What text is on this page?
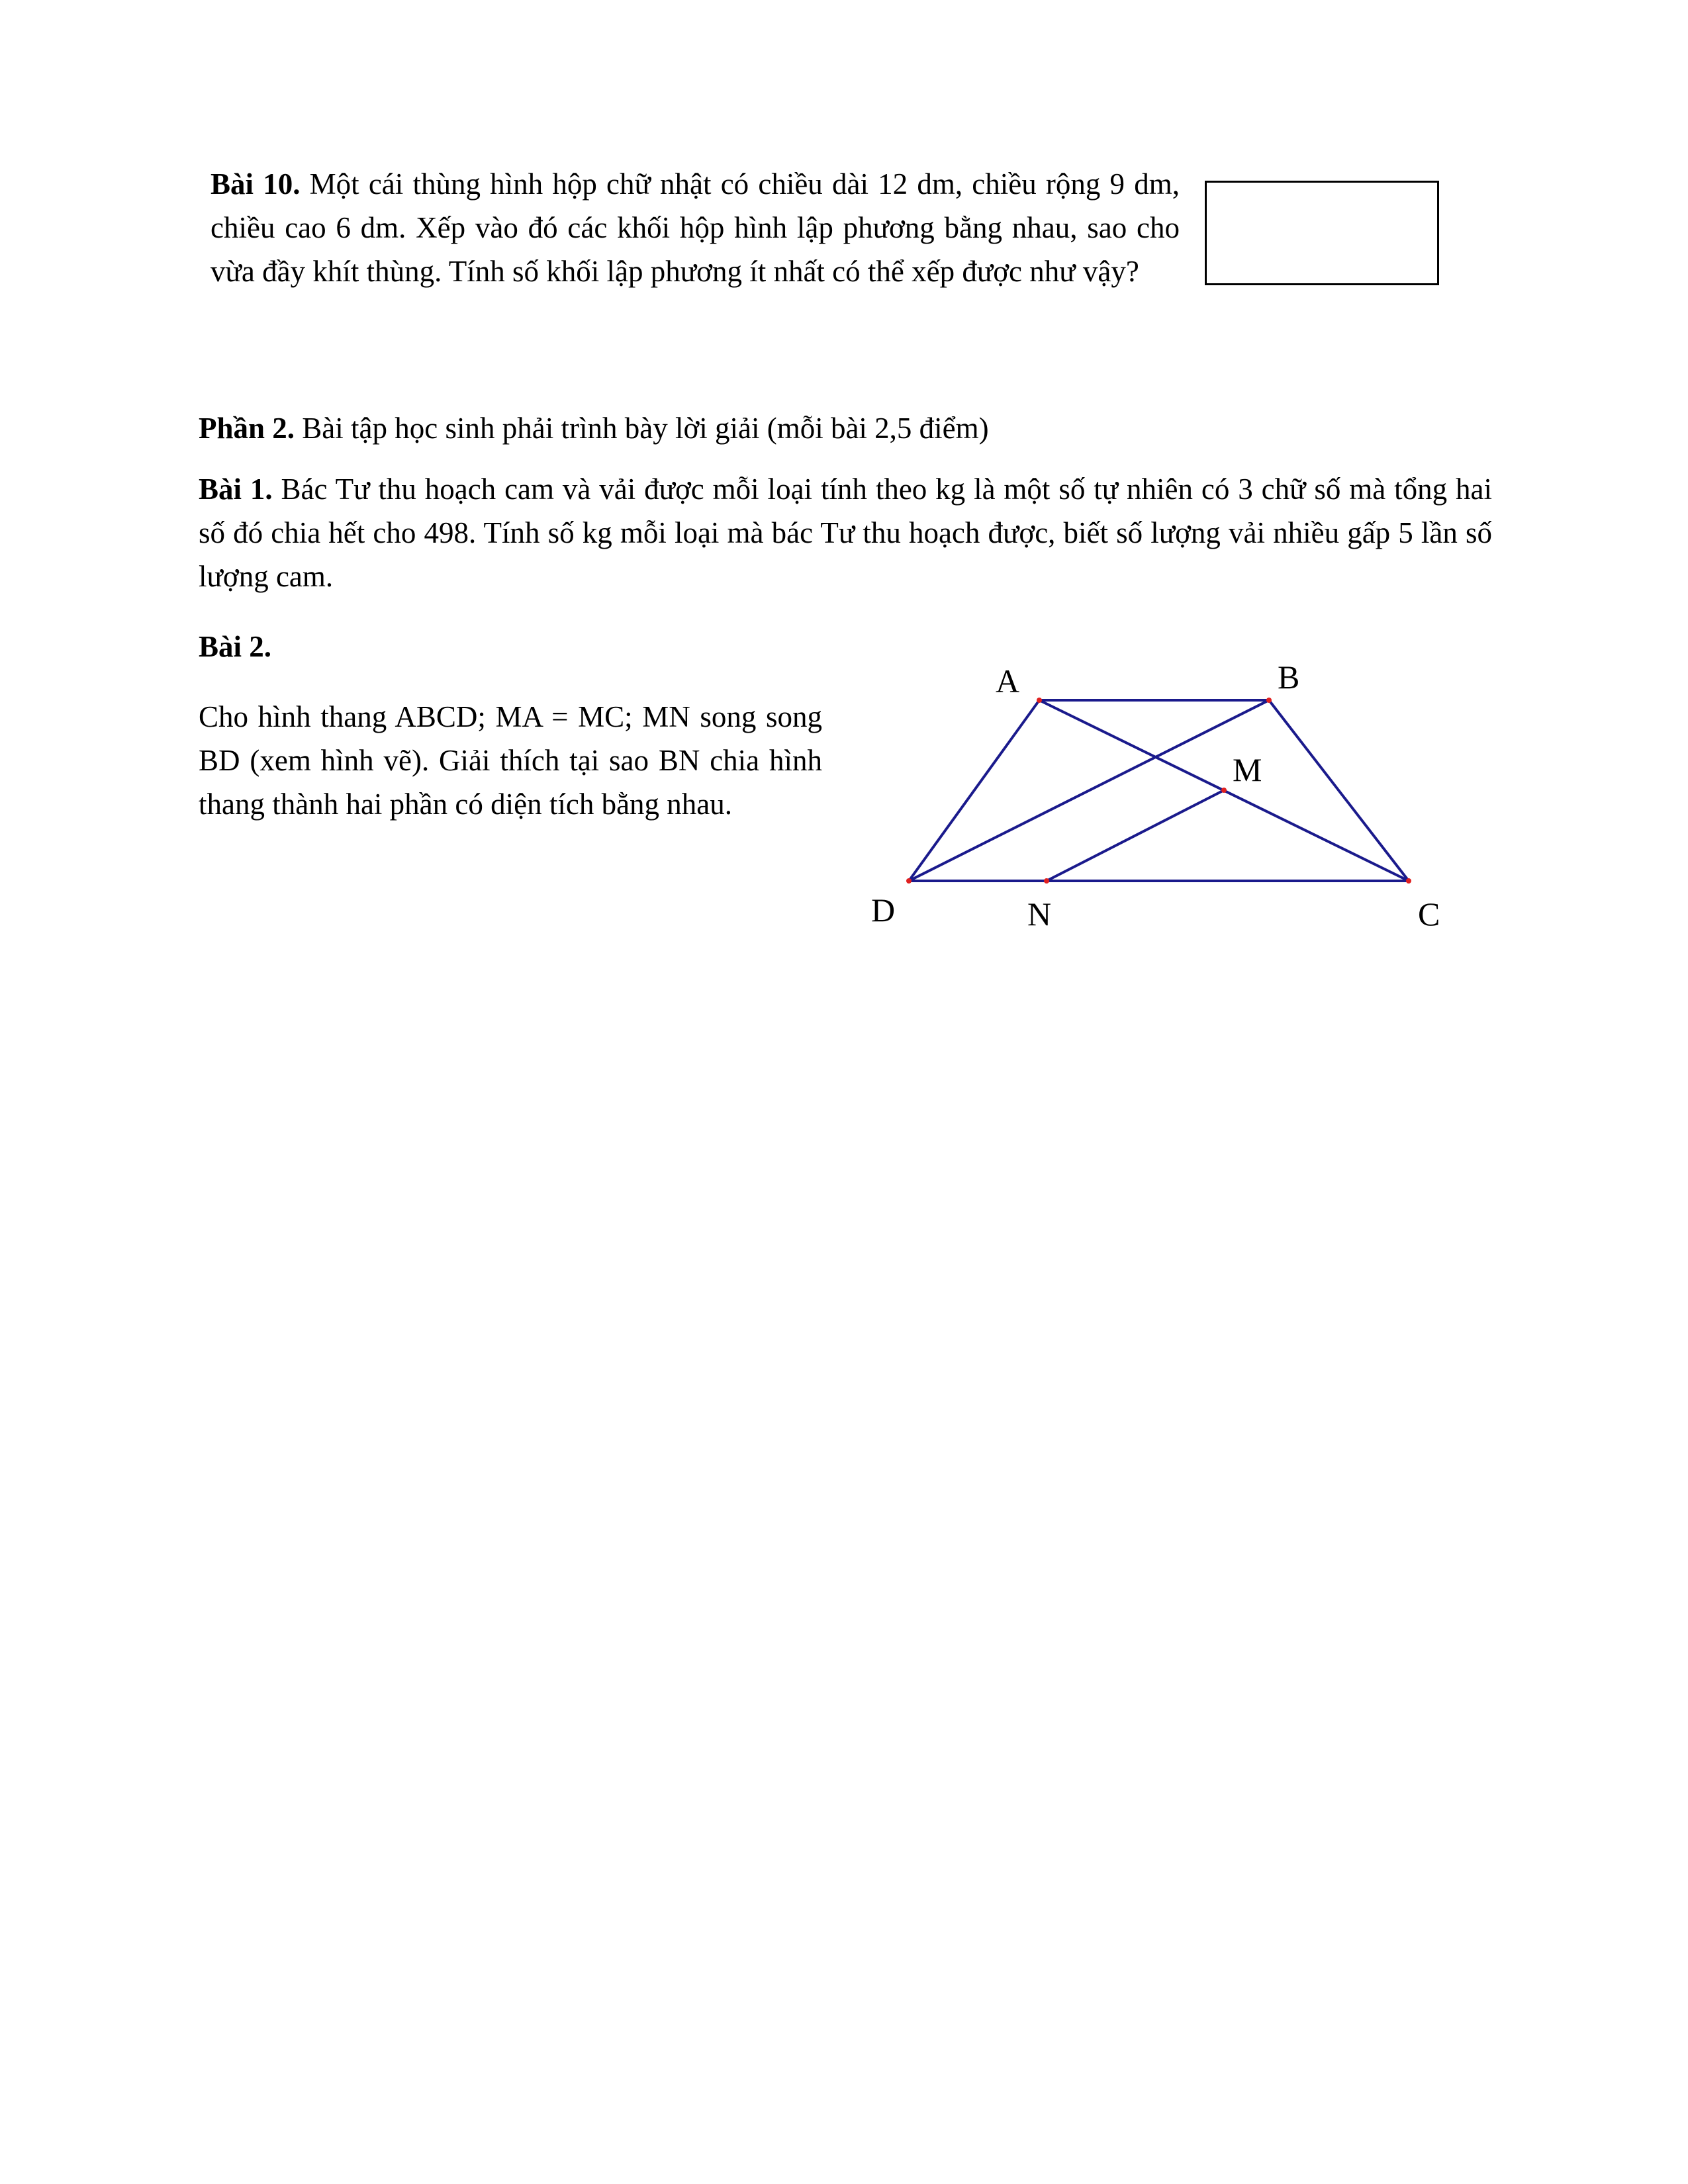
Bài 10. Một cái thùng hình hộp chữ nhật có chiều dài 12 dm, chiều rộng 9 dm, chiều cao 6 dm. Xếp vào đó các khối hộp hình lập phương bằng nhau, sao cho vừa đầy khít thùng. Tính số khối lập phương ít nhất có thể xếp được như vậy?

Phần 2. Bài tập học sinh phải trình bày lời giải (mỗi bài 2,5 điểm)

Bài 1. Bác Tư thu hoạch cam và vải được mỗi loại tính theo kg là một số tự nhiên có 3 chữ số mà tổng hai số đó chia hết cho 498. Tính số kg mỗi loại mà bác Tư thu hoạch được, biết số lượng vải nhiều gấp 5 lần số lượng cam.

Bài 2.

Cho hình thang ABCD; MA = MC; MN song song BD (xem hình vẽ). Giải thích tại sao BN chia hình thang thành hai phần có diện tích bằng nhau.

A	B
M
D	N	C
